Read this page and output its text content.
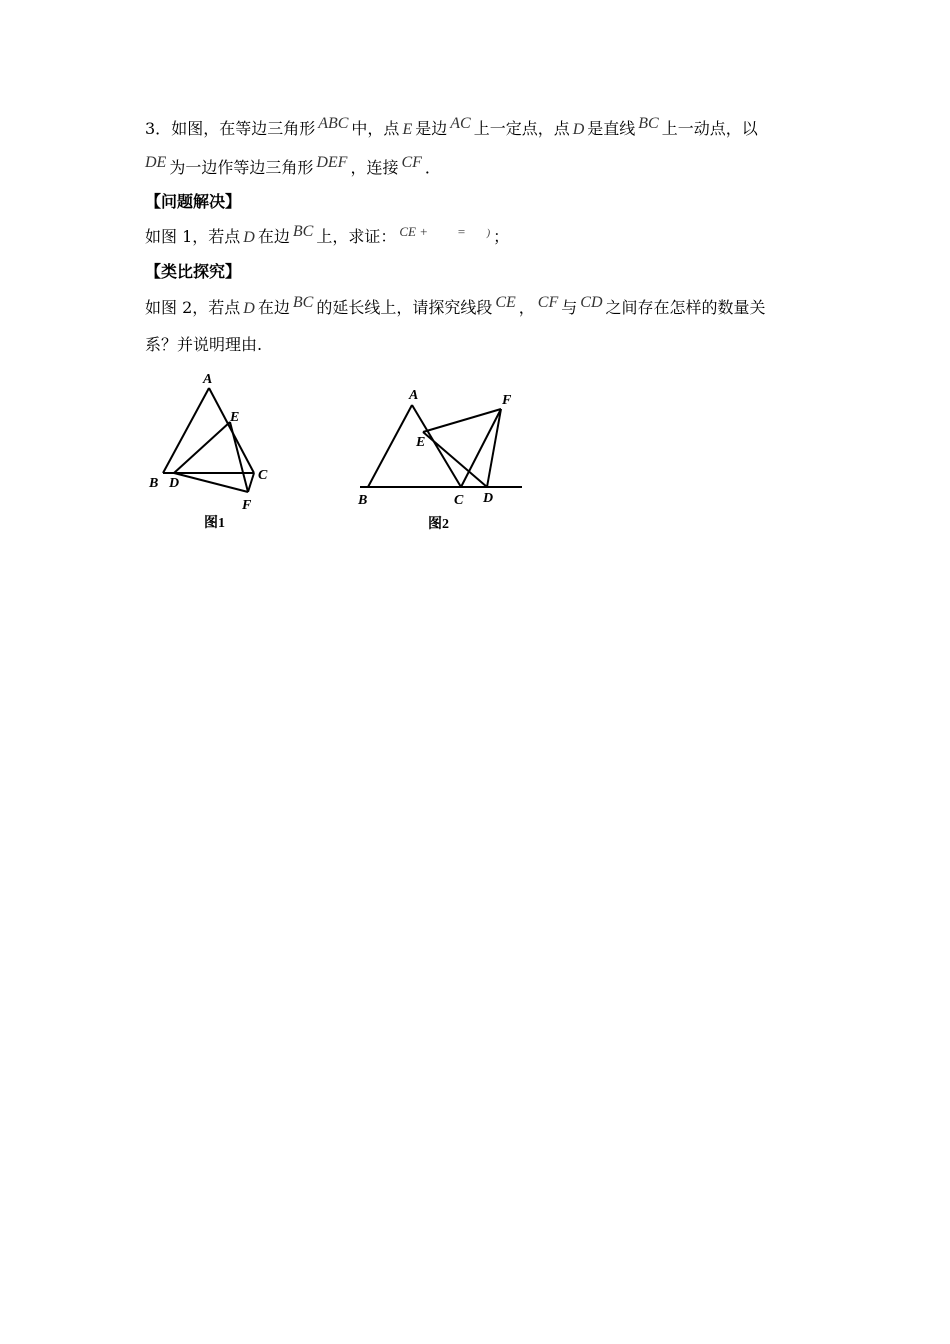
3．如图，在等边三角形 ABC 中，点 E 是边 AC 上一定点，点 D 是直线 BC 上一动点，以
DE 为一边作等边三角形 DEF ，连接 CF ．
【问题解决】
如图 1，若点 D 在边 BC 上，求证： $^{CE +}$ = ) ；
【类比探究】
如图 2，若点 D 在边 BC 的延长线上，请探究线段 CE ， CF 与 CD 之间存在怎样的数量关
系？并说明理由.
A
E
B D
C
F
图1
A	F
E
B	C D
图2
